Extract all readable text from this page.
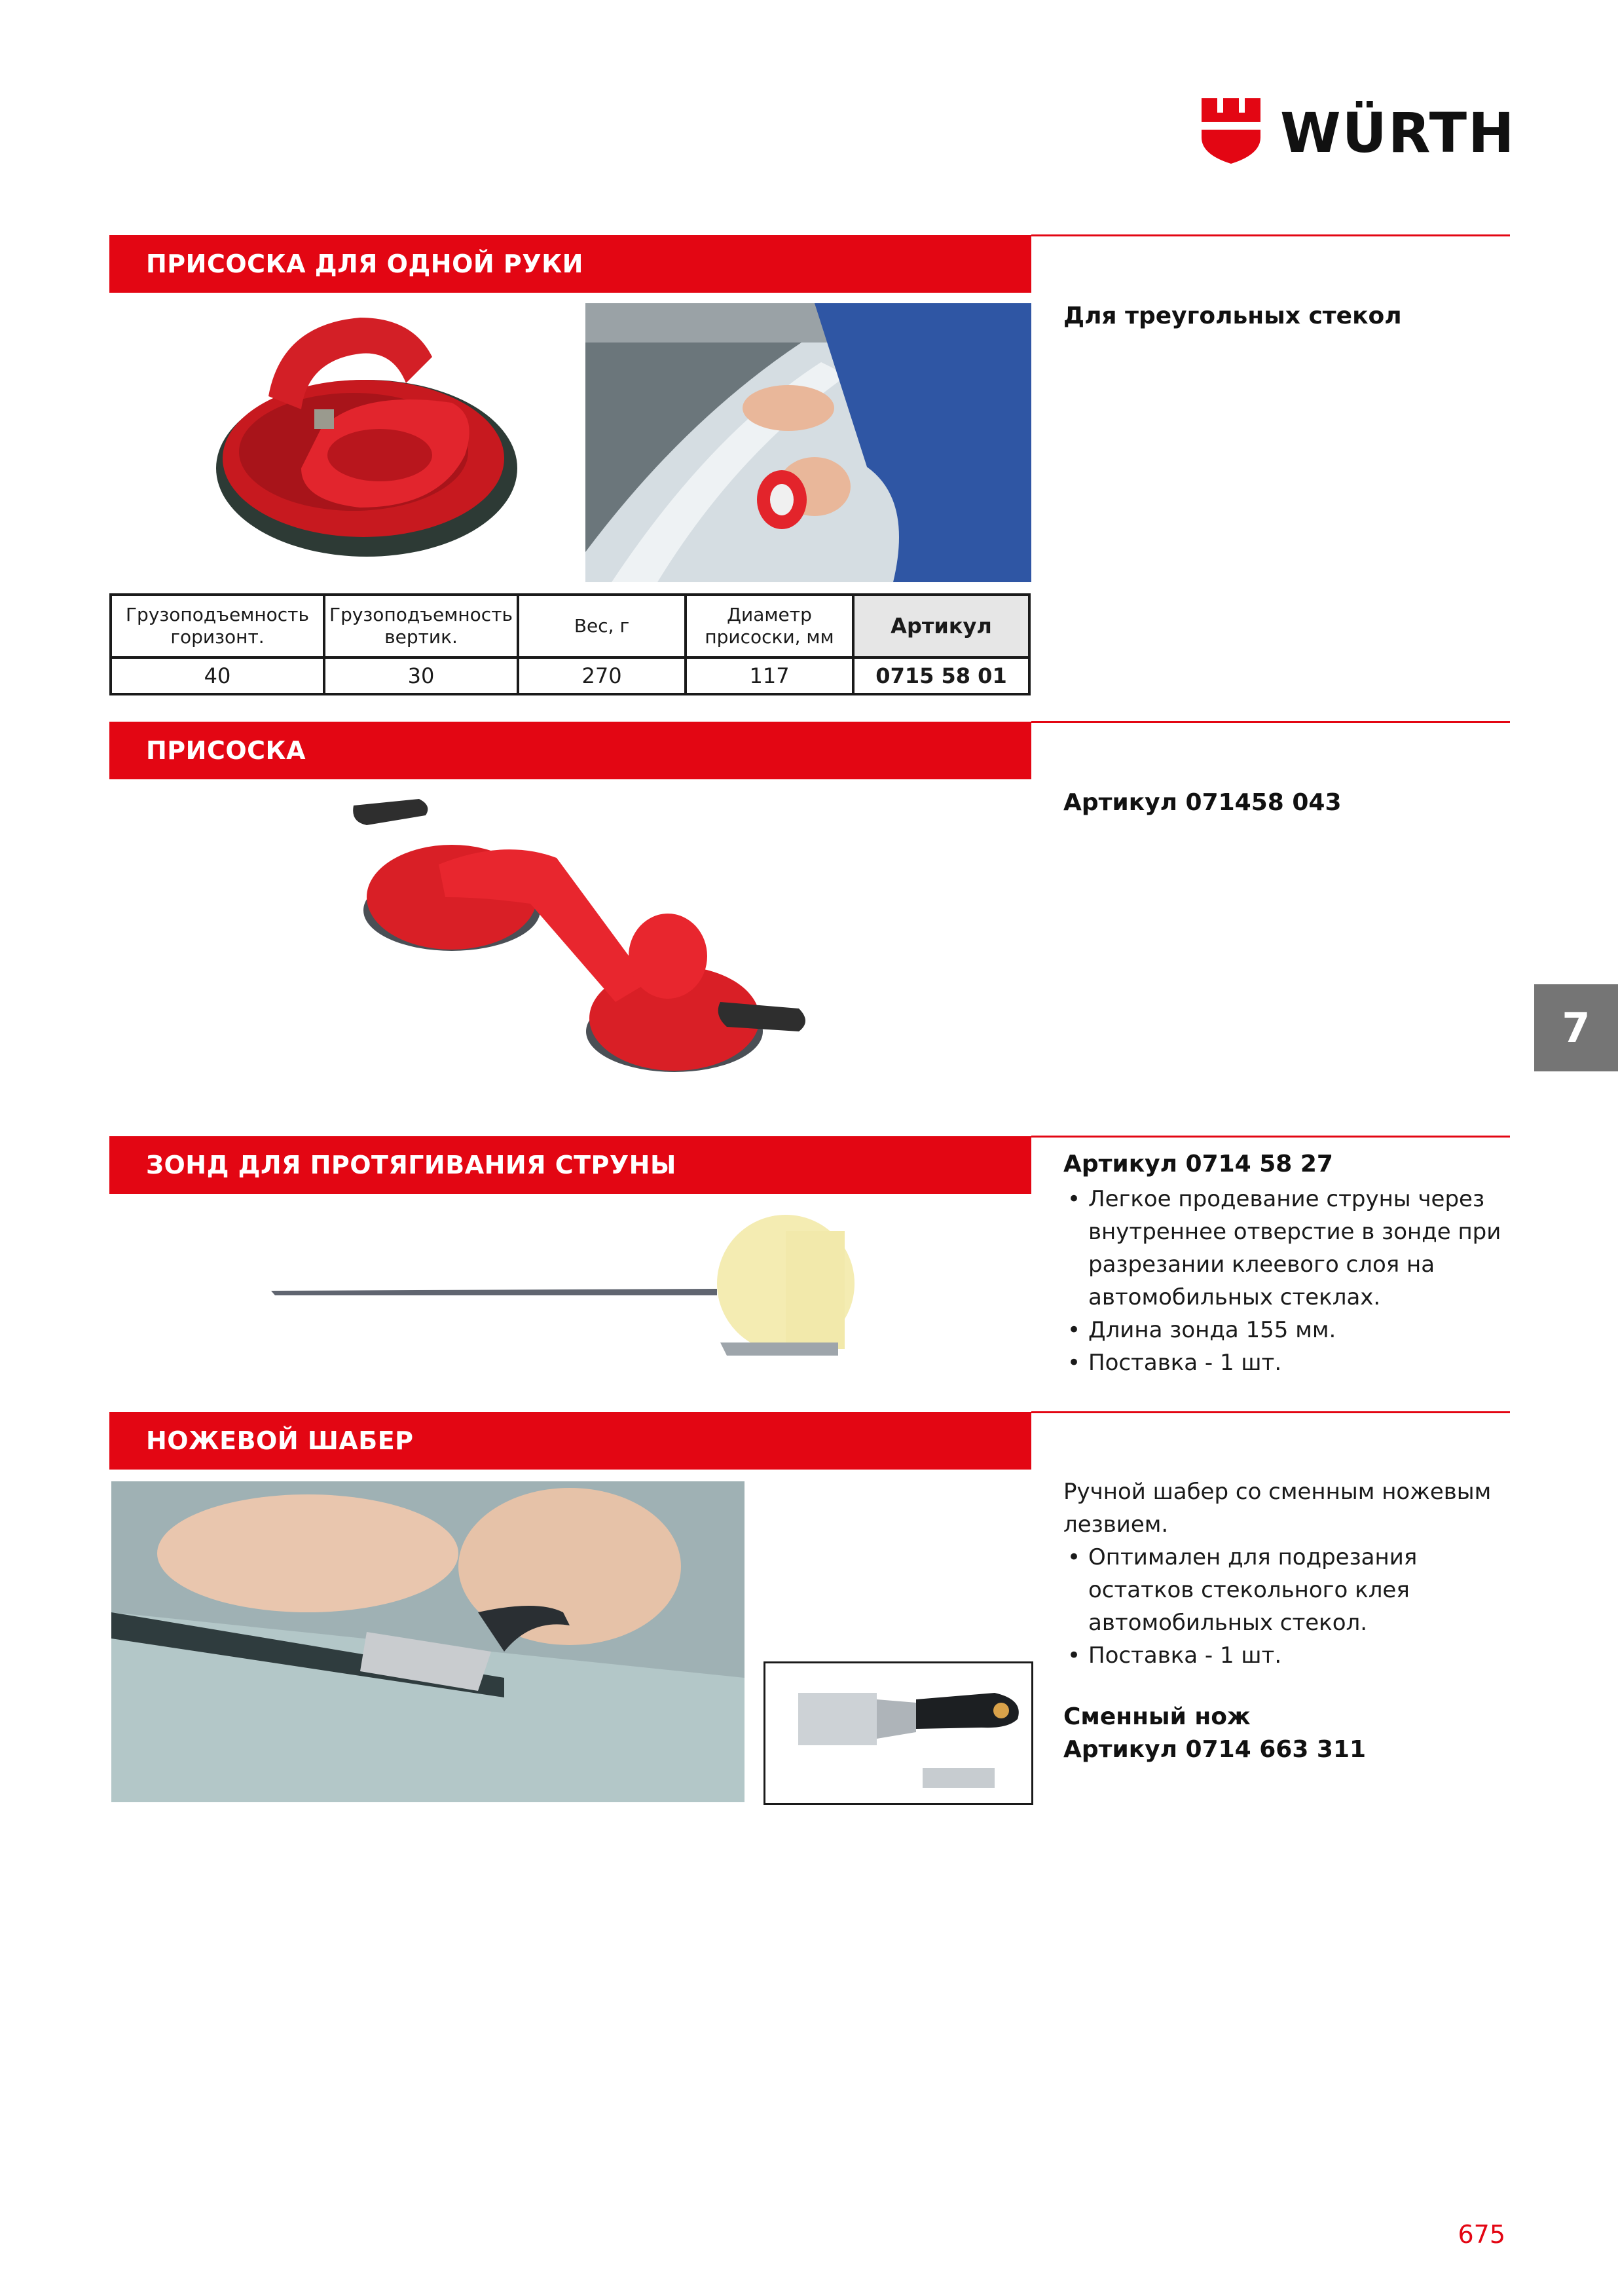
WÜRTH
ПРИСОСКА ДЛЯ ОДНОЙ РУКИ
Для треугольных стекол
Грузоподъемность горизонт.	Грузоподъемность вертик.	Вес, г	Диаметр присоски, мм	Артикул
40	30	270	117	0715 58 01
ПРИСОСКА
Артикул 071458 043
ЗОНД ДЛЯ ПРОТЯГИВАНИЯ СТРУНЫ	Артикул 0714 58 27
• Легкое продевание струны через внутреннее отверстие в зонде при разрезании клеевого слоя на автомобильных стеклах.
• Длина зонда 155 мм.
• Поставка - 1 шт.
НОЖЕВОЙ ШАБЕР
Ручной шабер со сменным ножевым лезвием.
• Оптимален для подрезания остатков стекольного клея автомобильных стекол.
• Поставка - 1 шт.
Сменный нож
Артикул 0714 663 311
7
675
